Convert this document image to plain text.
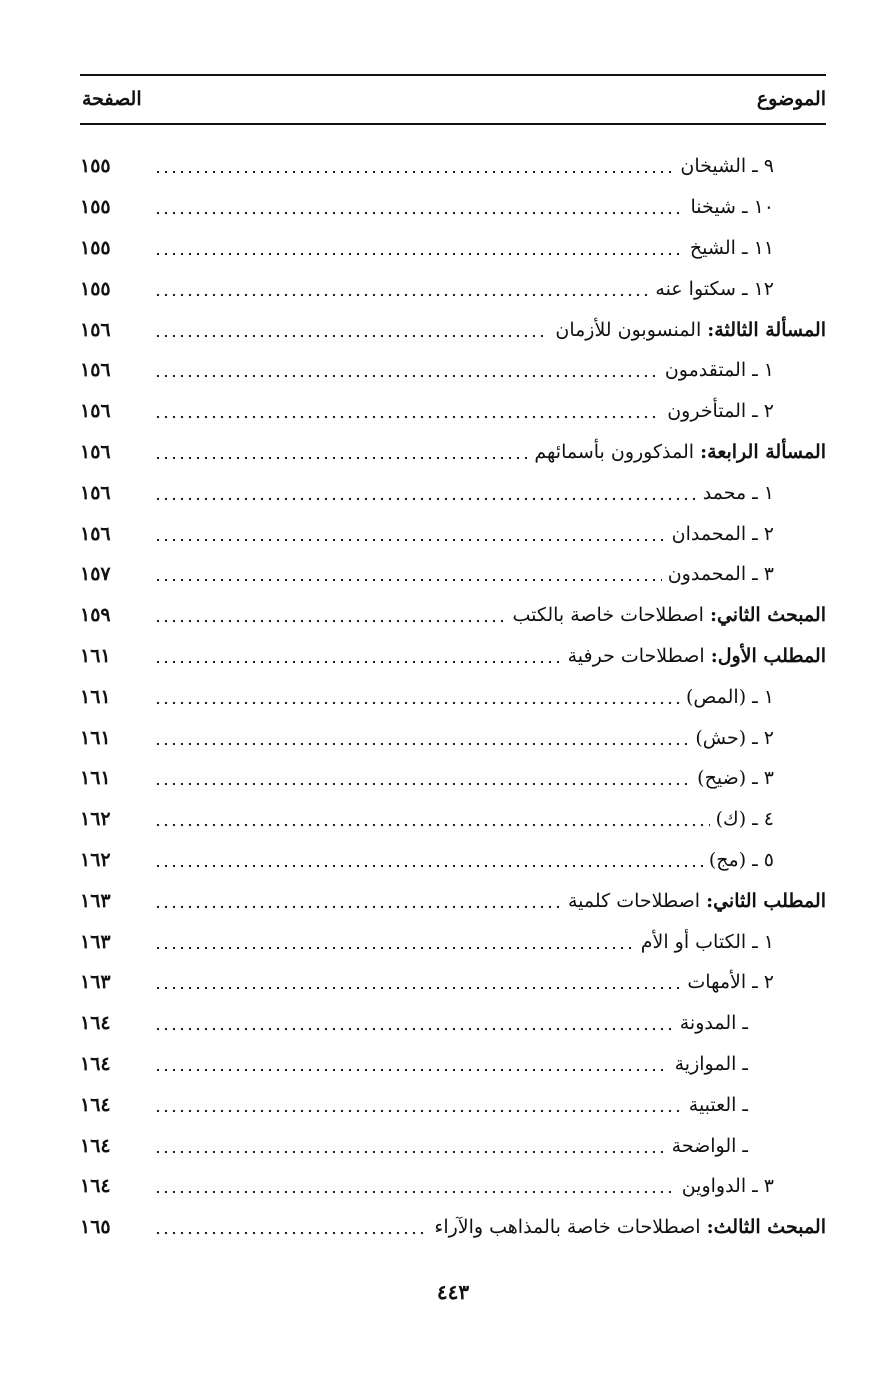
الموضوع
الصفحة
٩ ـ الشيخان
١٥٥
١٠ ـ شيخنا
١٥٥
١١ ـ الشيخ
١٥٥
١٢ ـ سكتوا عنه
١٥٥
المسألة الثالثة: المنسوبون للأزمان
١٥٦
١ ـ المتقدمون
١٥٦
٢ ـ المتأخرون
١٥٦
المسألة الرابعة: المذكورون بأسمائهم
١٥٦
١ ـ محمد
١٥٦
٢ ـ المحمدان
١٥٦
٣ ـ المحمدون
١٥٧
المبحث الثاني: اصطلاحات خاصة بالكتب
١٥٩
المطلب الأول: اصطلاحات حرفية
١٦١
١ ـ (المص)
١٦١
٢ ـ (حش)
١٦١
٣ ـ (ضيح)
١٦١
٤ ـ (ك)
١٦٢
٥ ـ (مج)
١٦٢
المطلب الثاني: اصطلاحات كلمية
١٦٣
١ ـ الكتاب أو الأم
١٦٣
٢ ـ الأمهات
١٦٣
ـ المدونة
١٦٤
ـ الموازية
١٦٤
ـ العتبية
١٦٤
ـ الواضحة
١٦٤
٣ ـ الدواوين
١٦٤
المبحث الثالث: اصطلاحات خاصة بالمذاهب والآراء
١٦٥
٤٤٣
